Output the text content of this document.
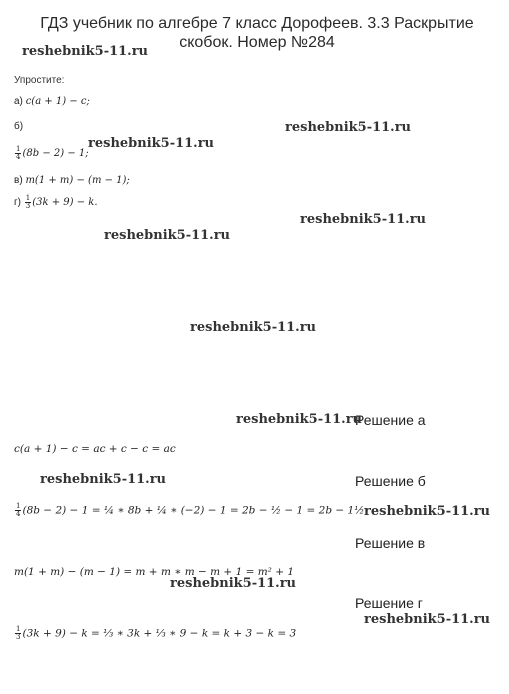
ГДЗ учебник по алгебре 7 класс Дорофеев. 3.3 Раскрытие скобок. Номер №284
Упростите:
а) c(a + 1) − c;
б)
$\frac{1}{4} (8b - 2) - 1$;
в) m(1 + m) − (m − 1);
$г) \frac{1}{3} (3k + 9) - k$.
Решение а
c(a + 1) − c = ac + c − c = ac
Решение б
$\frac{1}{4} (8b - 2) - 1$ = ¼ ∗ 8b + ¼ ∗ (−2) − 1 = 2b − ½ − 1 = 2b − 1½
Решение в
m(1 + m) − (m − 1) = m + m ∗ m − m + 1 = m² + 1
Решение г
$\frac{1}{3} (3k + 9) - k$ = ⅓ ∗ 3k + ⅓ ∗ 9 − k = k + 3 − k = 3
reshebnik5-11.ru
reshebnik5-11.ru
reshebnik5-11.ru
reshebnik5-11.ru
reshebnik5-11.ru
reshebnik5-11.ru
reshebnik5-11.ru
reshebnik5-11.ru
reshebnik5-11.ru
reshebnik5-11.ru
reshebnik5-11.ru
